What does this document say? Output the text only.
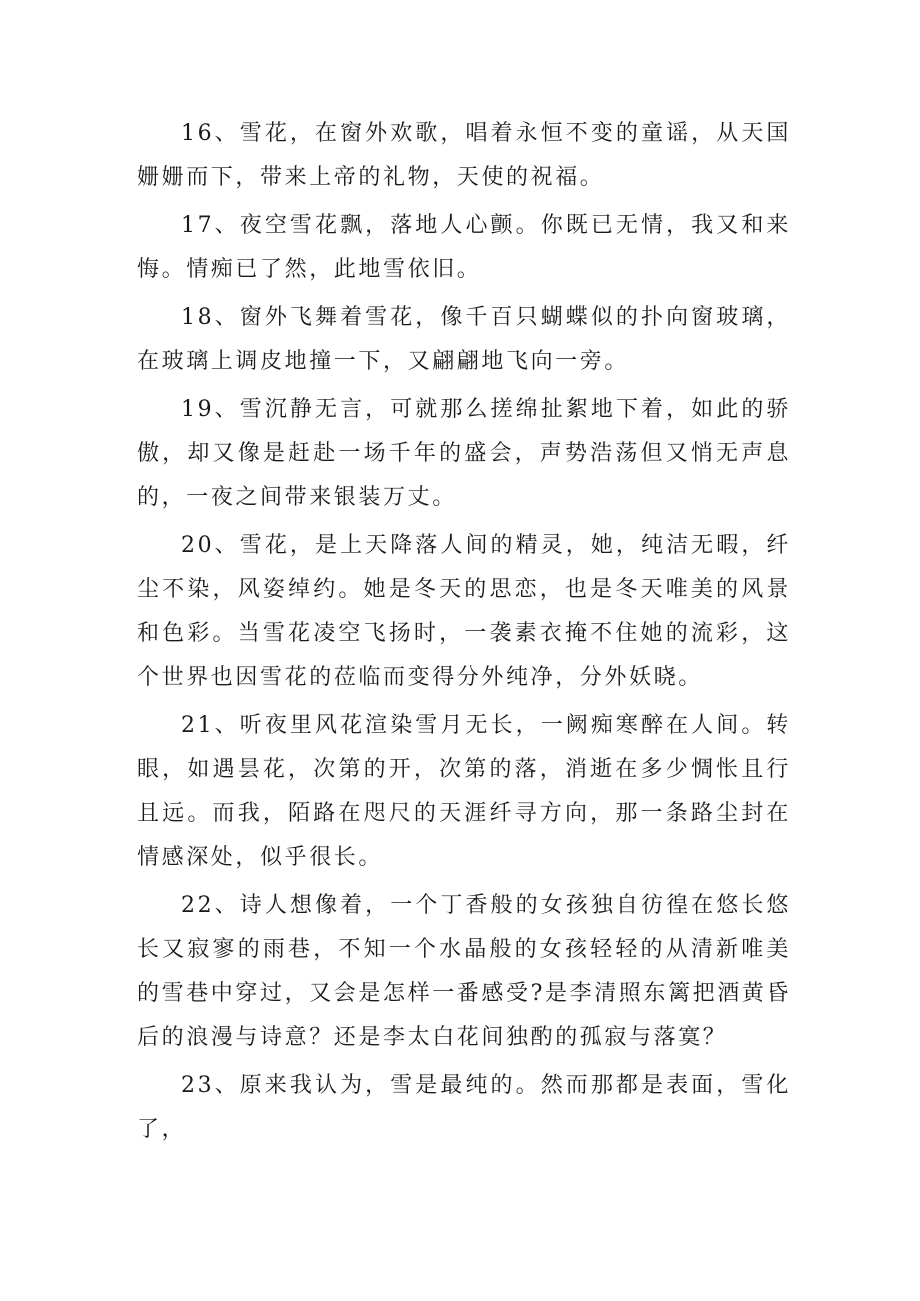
16、雪花，在窗外欢歌，唱着永恒不变的童谣，从天国姗姗而下，带来上帝的礼物，天使的祝福。

17、夜空雪花飘，落地人心颤。你既已无情，我又和来悔。情痴已了然，此地雪依旧。

18、窗外飞舞着雪花，像千百只蝴蝶似的扑向窗玻璃，在玻璃上调皮地撞一下，又翩翩地飞向一旁。

19、雪沉静无言，可就那么搓绵扯絮地下着，如此的骄傲，却又像是赶赴一场千年的盛会，声势浩荡但又悄无声息的，一夜之间带来银装万丈。

20、雪花，是上天降落人间的精灵，她，纯洁无暇，纤尘不染，风姿绰约。她是冬天的思恋，也是冬天唯美的风景和色彩。当雪花凌空飞扬时，一袭素衣掩不住她的流彩，这个世界也因雪花的莅临而变得分外纯净，分外妖晓。

21、听夜里风花渲染雪月无长，一阙痴寒醉在人间。转眼，如遇昙花，次第的开，次第的落，消逝在多少惆怅且行且远。而我，陌路在咫尺的天涯纤寻方向，那一条路尘封在情感深处，似乎很长。

22、诗人想像着，一个丁香般的女孩独自彷徨在悠长悠长又寂寥的雨巷，不知一个水晶般的女孩轻轻的从清新唯美的雪巷中穿过，又会是怎样一番感受?是李清照东篱把酒黄昏后的浪漫与诗意？还是李太白花间独酌的孤寂与落寞？

23、原来我认为，雪是最纯的。然而那都是表面，雪化了，
